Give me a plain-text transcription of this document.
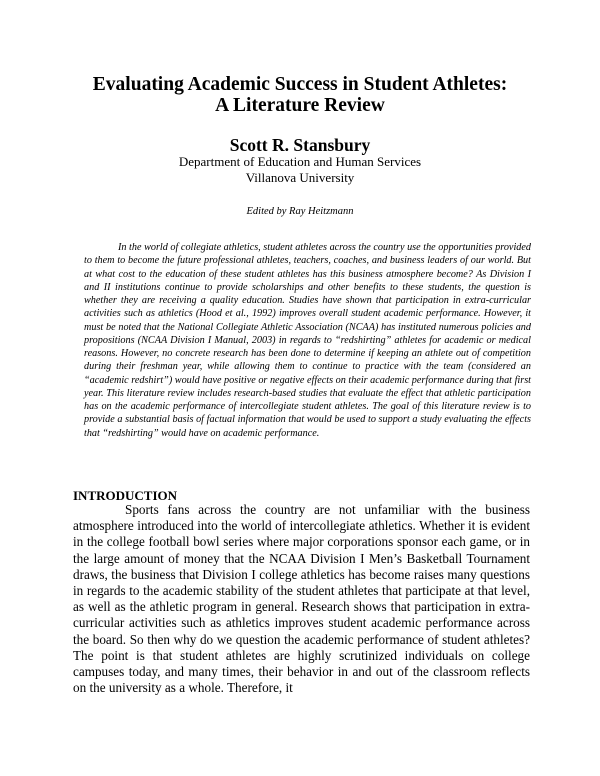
Evaluating Academic Success in Student Athletes:
A Literature Review
Scott R. Stansbury
Department of Education and Human Services
Villanova University
Edited by Ray Heitzmann

In the world of collegiate athletics, student athletes across the country use the opportunities provided to them to become the future professional athletes, teachers, coaches, and business leaders of our world. But at what cost to the education of these student athletes has this business atmosphere become? As Division I and II institutions continue to provide scholarships and other benefits to these students, the question is whether they are receiving a quality education. Studies have shown that participation in extra-curricular activities such as athletics (Hood et al., 1992) improves overall student academic performance. However, it must be noted that the National Collegiate Athletic Association (NCAA) has instituted numerous policies and propositions (NCAA Division I Manual, 2003) in regards to “redshirting” athletes for academic or medical reasons. However, no concrete research has been done to determine if keeping an athlete out of competition during their freshman year, while allowing them to continue to practice with the team (considered an “academic redshirt”) would have positive or negative effects on their academic performance during that first year. This literature review includes research-based studies that evaluate the effect that athletic participation has on the academic performance of intercollegiate student athletes. The goal of this literature review is to provide a substantial basis of factual information that would be used to support a study evaluating the effects that “redshirting” would have on academic performance.

INTRODUCTION

Sports fans across the country are not unfamiliar with the business atmosphere introduced into the world of intercollegiate athletics. Whether it is evident in the college football bowl series where major corporations sponsor each game, or in the large amount of money that the NCAA Division I Men’s Basketball Tournament draws, the business that Division I college athletics has become raises many questions in regards to the academic stability of the student athletes that participate at that level, as well as the athletic program in general. Research shows that participation in extra-curricular activities such as athletics improves student academic performance across the board. So then why do we question the academic performance of student athletes? The point is that student athletes are highly scrutinized individuals on college campuses today, and many times, their behavior in and out of the classroom reflects on the university as a whole. Therefore, it
